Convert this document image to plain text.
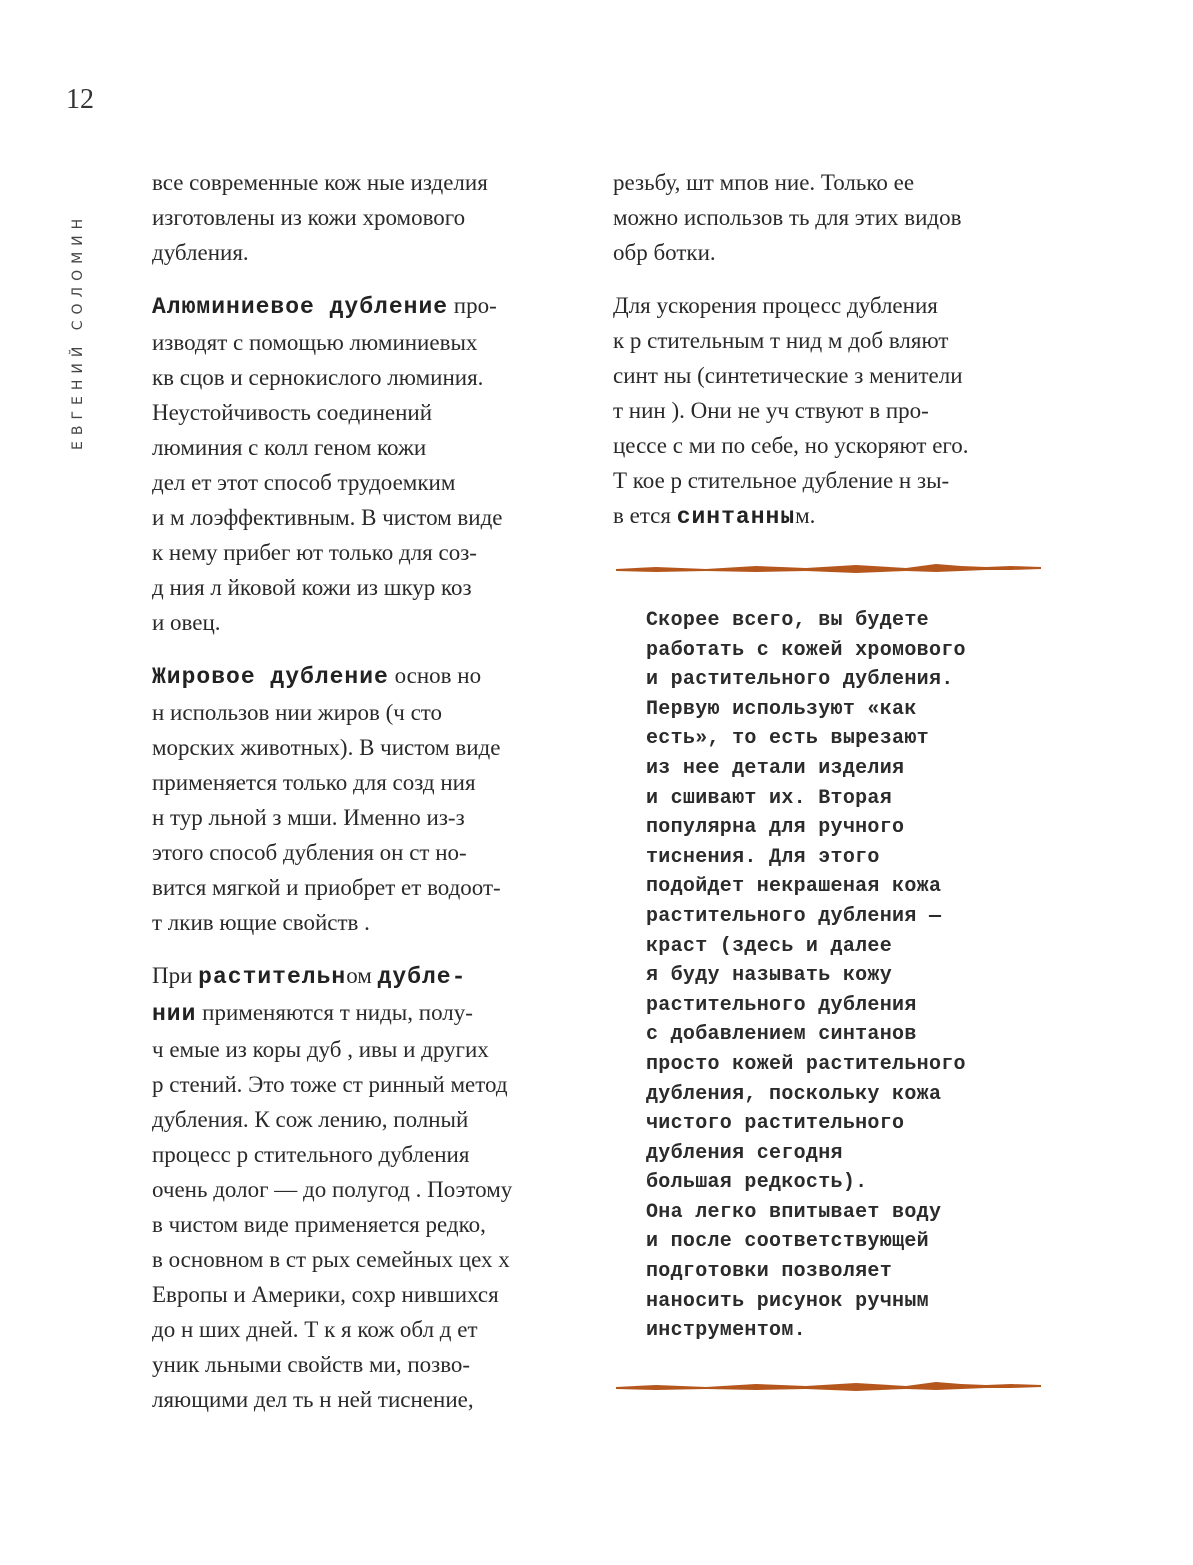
12
ЕВГЕНИЙ СОЛОМИН

все современные кож ные изделия
изготовлены из кожи хромового
дубления.

Алюминиевое дубление про-
изводят с помощью люминиевых
кв сцов и сернокислого люминия.
Неустойчивость соединений
люминия с колл геном кожи
дел ет этот способ трудоемким
и м лоэффективным. В чистом виде
к нему прибег ют только для соз-
д ния л йковой кожи из шкур коз
и овец.

Жировое дубление основ но
н использов нии жиров (ч сто
морских животных). В чистом виде
применяется только для созд ния
н тур льной з мши. Именно из-з
этого способ дубления он ст но-
вится мягкой и приобрет ет водоот-
т лкив ющие свойств .

При растительном дубле-
нии применяются т ниды, полу-
ч емые из коры дуб , ивы и других
р стений. Это тоже ст ринный метод
дубления. К сож лению, полный
процесс р стительного дубления
очень долог — до полугод . Поэтому
в чистом виде применяется редко,
в основном в ст рых семейных цех х
Европы и Америки, сохр нившихся
до н ших дней. Т к я кож обл д ет
уник льными свойств ми, позво-
ляющими дел ть н ней тиснение,

резьбу, шт мпов ние. Только ее
можно использов ть для этих видов
обр ботки.

Для ускорения процесс дубления
к р стительным т нид м доб вляют
синт ны (синтетические з менители
т нин ). Они не уч ствуют в про-
цессе с ми по себе, но ускоряют его.
Т кое р стительное дубление н зы-
в ется синтанным.

Скорее всего, вы будете
работать с кожей хромового
и растительного дубления.
Первую используют «как
есть», то есть вырезают
из нее детали изделия
и сшивают их. Вторая
популярна для ручного
тиснения. Для этого
подойдет некрашеная кожа
растительного дубления —
краст (здесь и далее
я буду называть кожу
растительного дубления
с добавлением синтанов
просто кожей растительного
дубления, поскольку кожа
чистого растительного
дубления сегодня
большая редкость).
Она легко впитывает воду
и после соответствующей
подготовки позволяет
наносить рисунок ручным
инструментом.
